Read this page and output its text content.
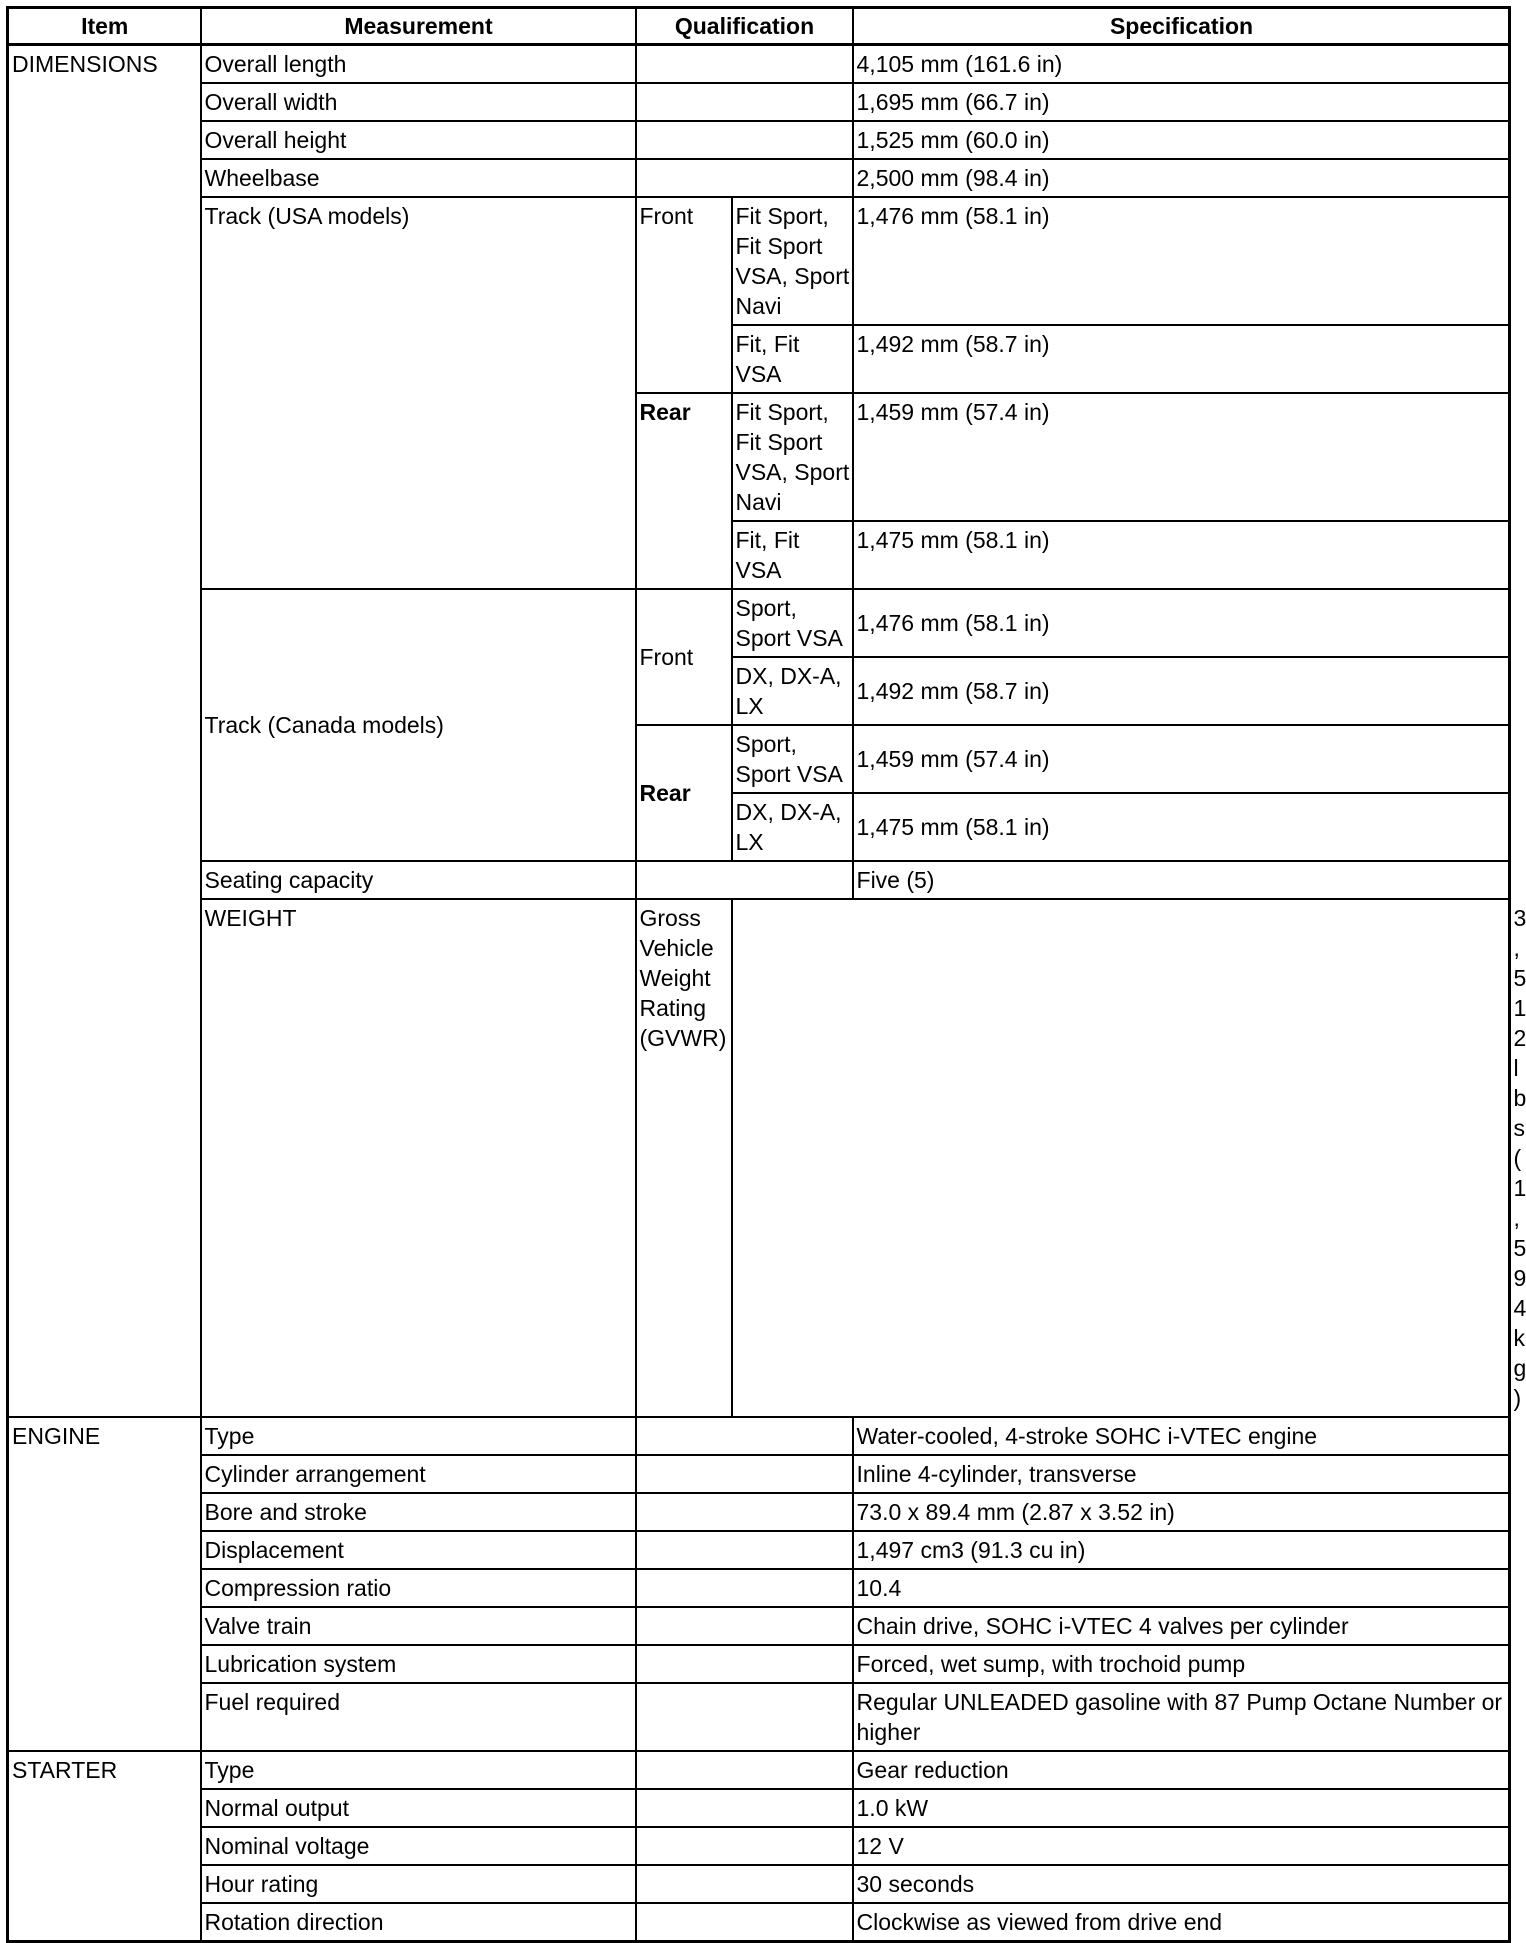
Item	Measurement	Qualification		Specification	
DIMENSIONS	Overall length			4,105 mm (161.6 in)	
	Overall width			1,695 mm (66.7 in)	
	Overall height			1,525 mm (60.0 in)	
	Wheelbase			2,500 mm (98.4 in)	
	Track (USA models)	Front	Fit Sport, Fit Sport VSA, Sport Navi	1,476 mm (58.1 in)	
			Fit, Fit VSA	1,492 mm (58.7 in)	
		Rear	Fit Sport, Fit Sport VSA, Sport Navi	1,459 mm (57.4 in)	
			Fit, Fit VSA	1,475 mm (58.1 in)	
	Track (Canada models)	Front	Sport, Sport VSA	1,476 mm (58.1 in)	
			DX, DX-A, LX	1,492 mm (58.7 in)	
		Rear	Sport, Sport VSA	1,459 mm (57.4 in)	
			DX, DX-A, LX	1,475 mm (58.1 in)	
	Seating capacity			Five (5)	
	WEIGHT	Gross Vehicle Weight Rating (GVWR)			3,512 lbs (1,594 kg)
ENGINE	Type			Water-cooled, 4-stroke SOHC i-VTEC engine	
	Cylinder arrangement			Inline 4-cylinder, transverse	
	Bore and stroke			73.0 x 89.4 mm (2.87 x 3.52 in)	
	Displacement			1,497 cm3 (91.3 cu in)	
	Compression ratio			10.4	
	Valve train			Chain drive, SOHC i-VTEC 4 valves per cylinder	
	Lubrication system			Forced, wet sump, with trochoid pump	
	Fuel required			Regular UNLEADED gasoline with 87 Pump Octane Number or higher	
STARTER	Type			Gear reduction	
	Normal output			1.0 kW	
	Nominal voltage			12 V	
	Hour rating			30 seconds	
	Rotation direction			Clockwise as viewed from drive end	
